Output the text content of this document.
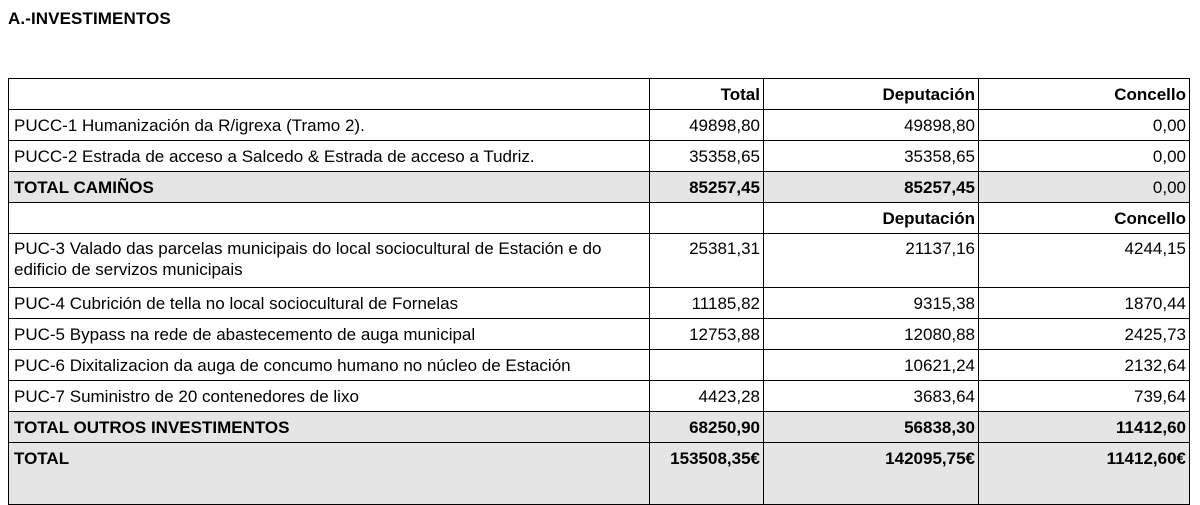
A.-INVESTIMENTOS
	Total	Deputación	Concello
PUCC-1 Humanización da R/igrexa (Tramo 2).	49898,80	49898,80	0,00
PUCC-2 Estrada de acceso a Salcedo & Estrada de acceso a Tudriz.	35358,65	35358,65	0,00
TOTAL CAMIÑOS	85257,45	85257,45	0,00
		Deputación	Concello
PUC-3 Valado das parcelas municipais do local sociocultural de Estación e do edificio de servizos municipais	25381,31	21137,16	4244,15
PUC-4 Cubrición de tella no local sociocultural de Fornelas	11185,82	9315,38	1870,44
PUC-5 Bypass na rede de abastecemento de auga municipal	12753,88	12080,88	2425,73
PUC-6 Dixitalizacion da auga de concumo humano no núcleo de Estación		10621,24	2132,64
PUC-7 Suministro de 20 contenedores de lixo	4423,28	3683,64	739,64
TOTAL OUTROS INVESTIMENTOS	68250,90	56838,30	11412,60
TOTAL	153508,35€	142095,75€	11412,60€
